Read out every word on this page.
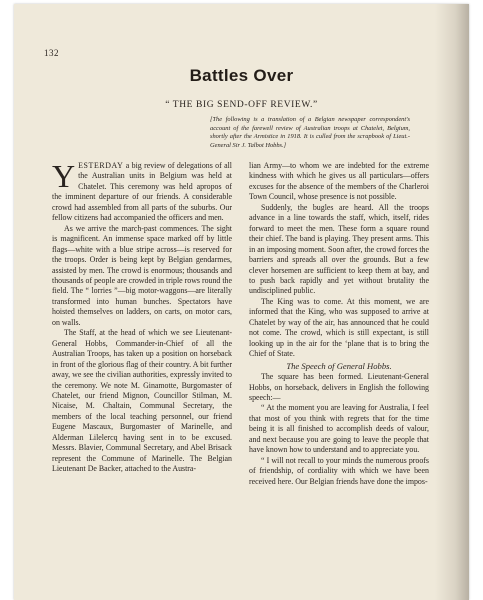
132
Battles Over
“ THE BIG SEND-OFF REVIEW.”
[The following is a translation of a Belgian newspaper correspondent's account of the farewell review of Australian troops at Chatelet, Belgium, shortly after the Armistice in 1918. It is culled from the scrapbook of Lieut.-General Sir J. Talbot Hobbs.]

YESTERDAY a big review of delegations of all the Australian units in Belgium was held at Chatelet. This ceremony was held apropos of the imminent departure of our friends. A considerable crowd had assembled from all parts of the suburbs. Our fellow citizens had accompanied the officers and men.

As we arrive the march-past commences. The sight is magnificent. An immense space marked off by little flags—white with a blue stripe across—is reserved for the troops. Order is being kept by Belgian gendarmes, assisted by men. The crowd is enormous; thousands and thousands of people are crowded in triple rows round the field. The “ lorries ”—big motor-waggons—are literally transformed into human bunches. Spectators have hoisted themselves on ladders, on carts, on motor cars, on walls.

The Staff, at the head of which we see Lieutenant-General Hobbs, Commander-in-Chief of all the Australian Troops, has taken up a position on horseback in front of the glorious flag of their country. A bit further away, we see the civilian authorities, expressly invited to the ceremony. We note M. Ginamotte, Burgomaster of Chatelet, our friend Mignon, Councillor Stilman, M. Nicaise, M. Chaltain, Communal Secretary, the members of the local teaching personnel, our friend Eugene Mascaux, Burgomaster of Marinelle, and Alderman Lilelercq having sent in to be excused. Messrs. Blavier, Communal Secretary, and Abel Brisack represent the Commune of Marinelle. The Belgian Lieutenant De Backer, attached to the Austra-

lian Army—to whom we are indebted for the extreme kindness with which he gives us all particulars—offers excuses for the absence of the members of the Charleroi Town Council, whose presence is not possible.

Suddenly, the bugles are heard. All the troops advance in a line towards the staff, which, itself, rides forward to meet the men. These form a square round their chief. The band is playing. They present arms. This in an imposing moment. Soon after, the crowd forces the barriers and spreads all over the grounds. But a few clever horsemen are sufficient to keep them at bay, and to push back rapidly and yet without brutality the undisciplined public.

The King was to come. At this moment, we are informed that the King, who was supposed to arrive at Chatelet by way of the air, has announced that he could not come. The crowd, which is still expectant, is still looking up in the air for the ‘plane that is to bring the Chief of State.

The Speech of General Hobbs.

The square has been formed. Lieutenant-General Hobbs, on horseback, delivers in English the following speech:—

“ At the moment you are leaving for Australia, I feel that most of you think with regrets that for the time being it is all finished to accomplish deeds of valour, and next because you are going to leave the people that have known how to understand and to appreciate you.

“ I will not recall to your minds the numerous proofs of friendship, of cordiality with which we have been received here. Our Belgian friends have done the impos-
